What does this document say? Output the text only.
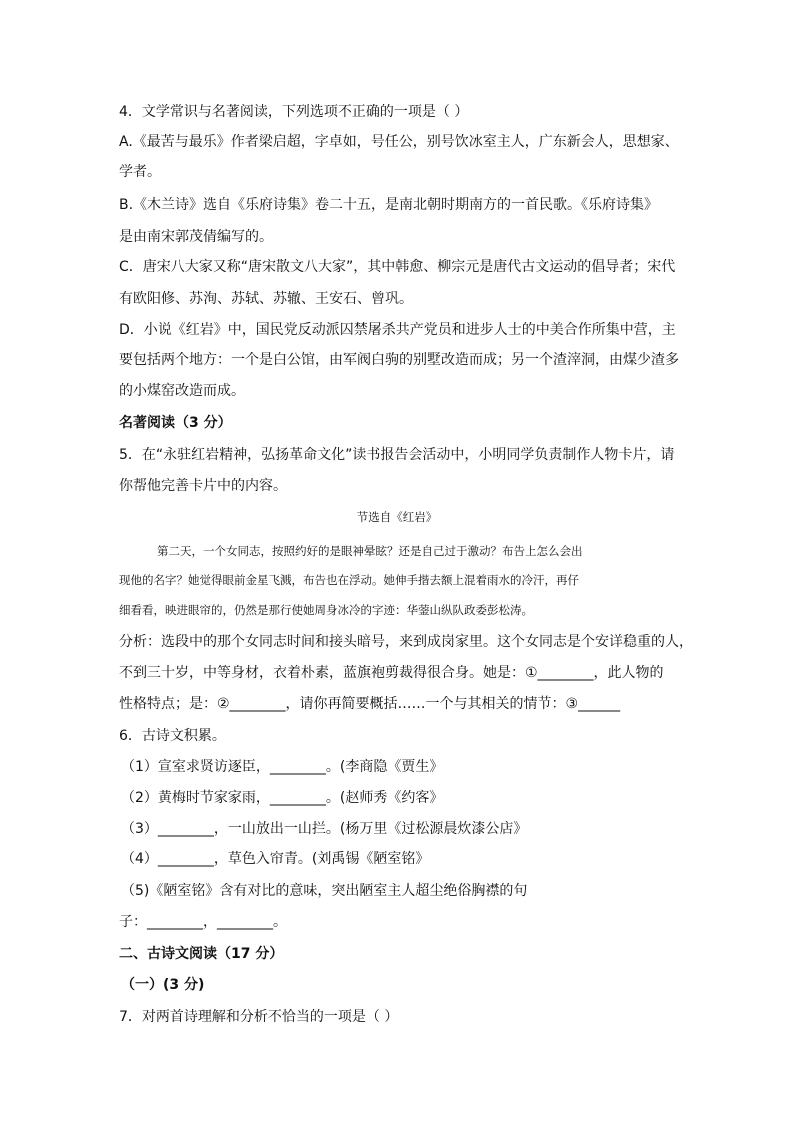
4．文学常识与名著阅读，下列选项不正确的一项是（ ）

A.《最苦与最乐》作者梁启超，字卓如，号任公，别号饮冰室主人，广东新会人，思想家、

学者。

B.《木兰诗》选自《乐府诗集》卷二十五，是南北朝时期南方的一首民歌。《乐府诗集》

是由南宋郭茂倩编写的。

C．唐宋八大家又称“唐宋散文八大家”，其中韩愈、柳宗元是唐代古文运动的倡导者；宋代

有欧阳修、苏洵、苏轼、苏辙、王安石、曾巩。

D．小说《红岩》中，国民党反动派囚禁屠杀共产党员和进步人士的中美合作所集中营，主

要包括两个地方：一个是白公馆，由军阀白驹的别墅改造而成；另一个渣滓洞，由煤少渣多

的小煤窑改造而成。

名著阅读（3 分）

5．在“永驻红岩精神，弘扬革命文化”读书报告会活动中，小明同学负责制作人物卡片，请

你帮他完善卡片中的内容。

节选自《红岩》

第二天，一个女同志，按照约好的是眼神晕眩？还是自己过于激动？布告上怎么会出

现他的名字？她觉得眼前金星飞溅，布告也在浮动。她伸手揩去额上混着雨水的冷汗，再仔

细看看，映进眼帘的，仍然是那行使她周身冰冷的字迹：华蓥山纵队政委彭松涛。

分析：选段中的那个女同志时间和接头暗号，来到成岗家里。这个女同志是个安详稳重的人，

不到三十岁，中等身材，衣着朴素，蓝旗袍剪裁得很合身。她是：①________，此人物的

性格特点；是：②________，请你再简要概括……一个与其相关的情节：③______

6．古诗文积累。

（1）宣室求贤访逐臣，________。(李商隐《贾生》

（2）黄梅时节家家雨，________。(赵师秀《约客》

（3）________，一山放出一山拦。(杨万里《过松源晨炊漆公店》

（4）________，草色入帘青。(刘禹锡《陋室铭》

（5)《陋室铭》含有对比的意味，突出陋室主人超尘绝俗胸襟的句

子：________，________。

二、古诗文阅读（17 分）

（一）(3 分)

7．对两首诗理解和分析不恰当的一项是（ ）
